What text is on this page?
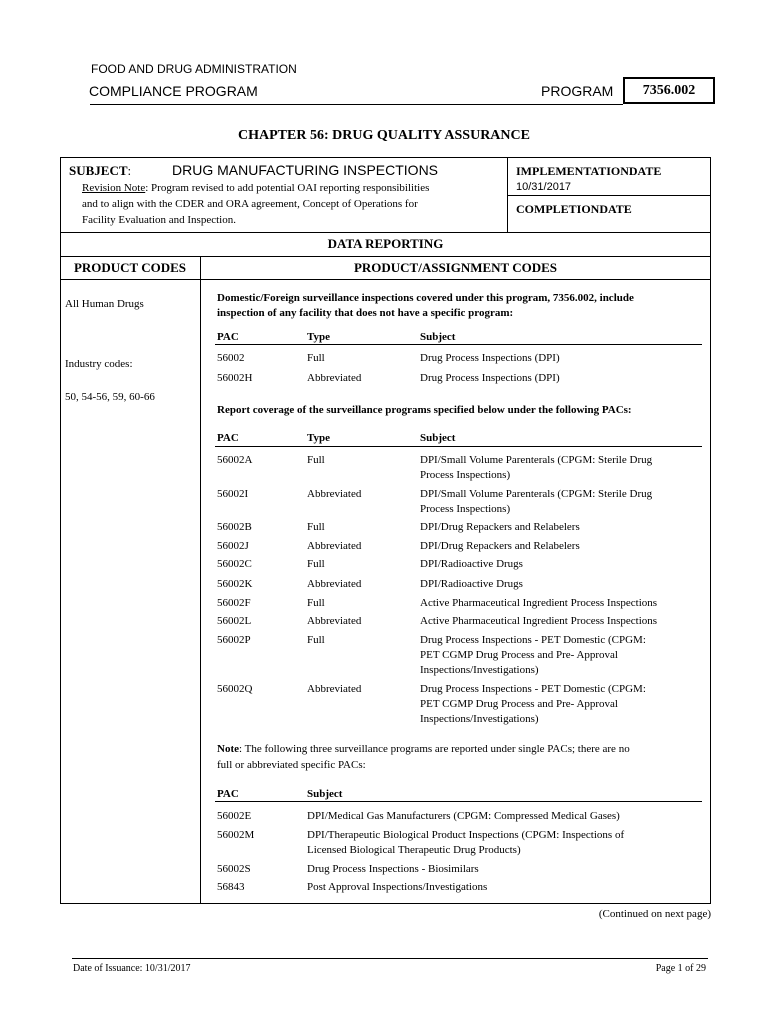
FOOD AND DRUG ADMINISTRATION
COMPLIANCE PROGRAM	PROGRAM	7356.002
CHAPTER 56: DRUG QUALITY ASSURANCE
SUBJECT:	DRUG MANUFACTURING INSPECTIONS
Revision Note: Program revised to add potential OAI reporting responsibilities
and to align with the CDER and ORA agreement, Concept of Operations for
Facility Evaluation and Inspection.
IMPLEMENTATIONDATE
10/31/2017
COMPLETIONDATE
DATA REPORTING
PRODUCT CODES	PRODUCT/ASSIGNMENT CODES
All Human Drugs
Industry codes:
50, 54-56, 59, 60-66
Domestic/Foreign surveillance inspections covered under this program, 7356.002, include
inspection of any facility that does not have a specific program:
PAC	Type	Subject
56002	Full	Drug Process Inspections (DPI)
56002H	Abbreviated	Drug Process Inspections (DPI)
Report coverage of the surveillance programs specified below under the following PACs:
PAC	Type	Subject
56002A	Full	DPI/Small Volume Parenterals (CPGM: Sterile Drug
Process Inspections)
56002I	Abbreviated	DPI/Small Volume Parenterals (CPGM: Sterile Drug
Process Inspections)
56002B	Full	DPI/Drug Repackers and Relabelers
56002J	Abbreviated	DPI/Drug Repackers and Relabelers
56002C	Full	DPI/Radioactive Drugs
56002K	Abbreviated	DPI/Radioactive Drugs
56002F	Full	Active Pharmaceutical Ingredient Process Inspections
56002L	Abbreviated	Active Pharmaceutical Ingredient Process Inspections
56002P	Full	Drug Process Inspections - PET Domestic (CPGM:
PET CGMP Drug Process and Pre- Approval
Inspections/Investigations)
56002Q	Abbreviated	Drug Process Inspections - PET Domestic (CPGM:
PET CGMP Drug Process and Pre- Approval
Inspections/Investigations)
Note: The following three surveillance programs are reported under single PACs; there are no
full or abbreviated specific PACs:
PAC	Subject
56002E	DPI/Medical Gas Manufacturers (CPGM: Compressed Medical Gases)
56002M	DPI/Therapeutic Biological Product Inspections (CPGM: Inspections of
Licensed Biological Therapeutic Drug Products)
56002S	Drug Process Inspections - Biosimilars
56843	Post Approval Inspections/Investigations
(Continued on next page)
Date of Issuance: 10/31/2017	Page 1 of 29
